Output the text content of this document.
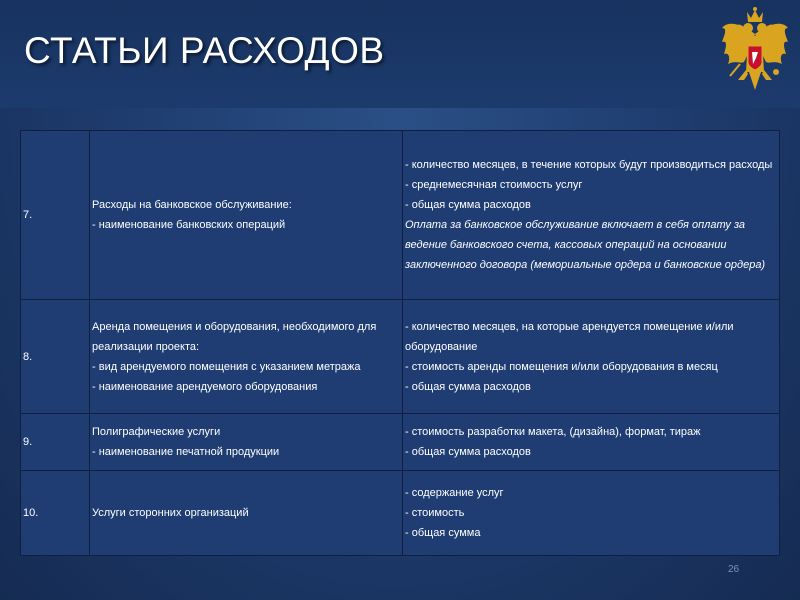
СТАТЬИ РАСХОДОВ
7.	Расходы на банковское обслуживание:
- наименование банковских операций	- количество месяцев, в течение которых будут производиться расходы
- среднемесячная стоимость услуг
- общая сумма расходов
Оплата за банковское обслуживание включает в себя оплату за ведение банковского счета, кассовых операций на основании заключенного договора (мемориальные ордера и банковские ордера)

8.	Аренда помещения и оборудования, необходимого для реализации проекта:
- вид арендуемого помещения с указанием метража
- наименование арендуемого оборудования	- количество месяцев, на которые арендуется помещение и/или оборудование
- стоимость аренды помещения и/или оборудования в месяц
- общая сумма расходов

9.	Полиграфические услуги
- наименование печатной продукции	- стоимость разработки макета, (дизайна), формат, тираж
- общая сумма расходов

10.	Услуги сторонних организаций	- содержание услуг
- стоимость
- общая сумма
26
